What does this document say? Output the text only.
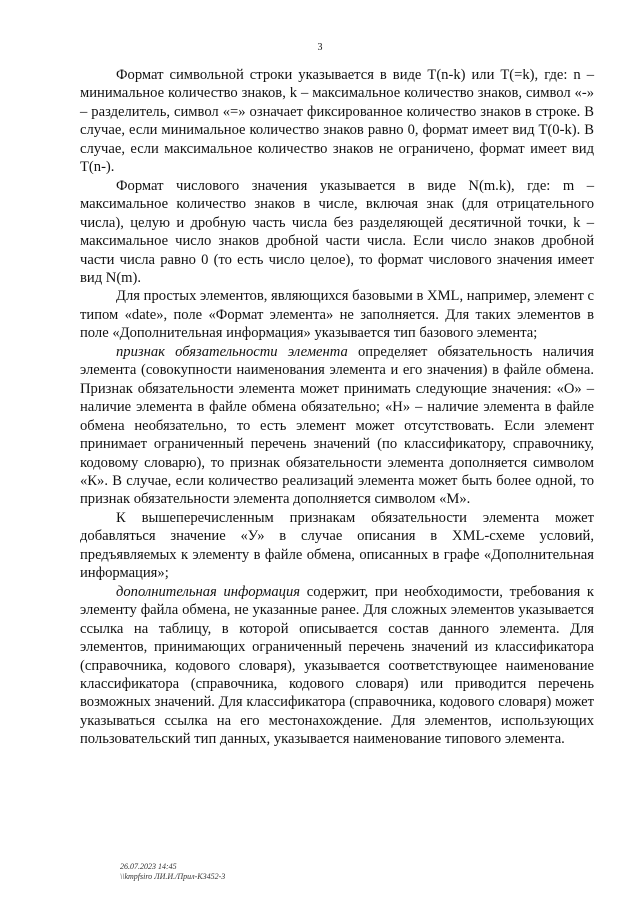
3

Формат символьной строки указывается в виде T(n-k) или T(=k), где: n – минимальное количество знаков, k – максимальное количество знаков, символ «-» – разделитель, символ «=» означает фиксированное количество знаков в строке. В случае, если минимальное количество знаков равно 0, формат имеет вид T(0-k). В случае, если максимальное количество знаков не ограничено, формат имеет вид T(n-).

Формат числового значения указывается в виде N(m.k), где: m – максимальное количество знаков в числе, включая знак (для отрицательного числа), целую и дробную часть числа без разделяющей десятичной точки, k – максимальное число знаков дробной части числа. Если число знаков дробной части числа равно 0 (то есть число целое), то формат числового значения имеет вид N(m).

Для простых элементов, являющихся базовыми в XML, например, элемент с типом «date», поле «Формат элемента» не заполняется. Для таких элементов в поле «Дополнительная информация» указывается тип базового элемента;

признак обязательности элемента определяет обязательность наличия элемента (совокупности наименования элемента и его значения) в файле обмена. Признак обязательности элемента может принимать следующие значения: «О» – наличие элемента в файле обмена обязательно; «Н» – наличие элемента в файле обмена необязательно, то есть элемент может отсутствовать. Если элемент принимает ограниченный перечень значений (по классификатору, справочнику, кодовому словарю), то признак обязательности элемента дополняется символом «К». В случае, если количество реализаций элемента может быть более одной, то признак обязательности элемента дополняется символом «М».

К вышеперечисленным признакам обязательности элемента может добавляться значение «У» в случае описания в XML-схеме условий, предъявляемых к элементу в файле обмена, описанных в графе «Дополнительная информация»;

дополнительная информация содержит, при необходимости, требования к элементу файла обмена, не указанные ранее. Для сложных элементов указывается ссылка на таблицу, в которой описывается состав данного элемента. Для элементов, принимающих ограниченный перечень значений из классификатора (справочника, кодового словаря), указывается соответствующее наименование классификатора (справочника, кодового словаря) или приводится перечень возможных значений. Для классификатора (справочника, кодового словаря) может указываться ссылка на его местонахождение. Для элементов, использующих пользовательский тип данных, указывается наименование типового элемента.

26.07.2023 14:45
\\kmpfsiro ЛИ.И./Прил-К3452-3
